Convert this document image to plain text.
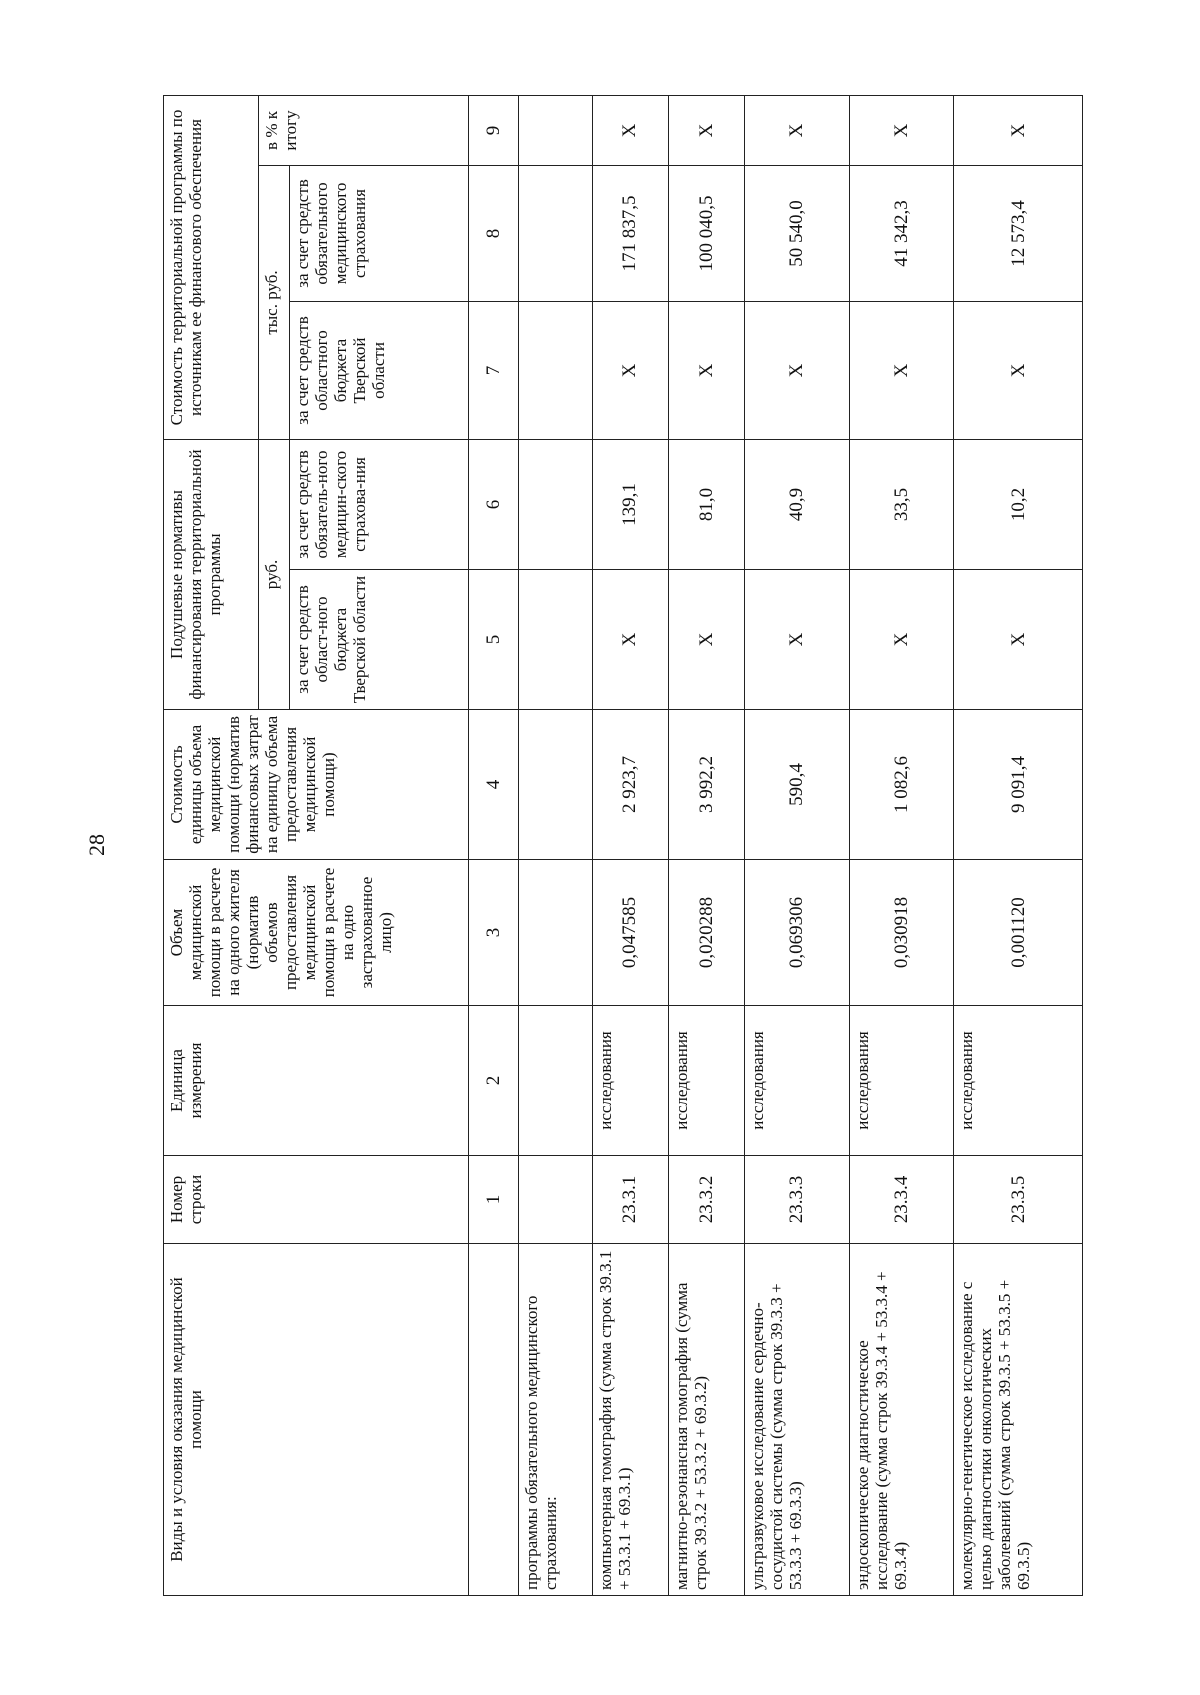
28
Виды и условия оказания медицинской помощи	Номер строки	Единица измерения	Объем медицинской помощи в расчете на одного жителя (норматив объемов предоставления медицинской помощи в расчете на одно застрахованное лицо)	Стоимость единицы объема медицинской помощи (норматив финансовых затрат на единицу объема предоставления медицинской помощи)	Подушевые нормативы финансирования территориальной программы		Стоимость территориальной программы по источникам ее финансового обеспечения		
					руб.		тыс. руб.		в % к итогу
					за счет средств област-ного бюджета Тверской области	за счет средств обязатель-ного медицин-ского страхова-ния	за счет средств областного бюджета Тверской области	за счет средств обязательного медицинского страхования	
	1	2	3	4	5	6	7	8	9
программы обязательного медицинского страхования:									
компьютерная томография (сумма строк 39.3.1 + 53.3.1 + 69.3.1)	23.3.1	исследования	0,047585	2 923,7	X	139,1	X	171 837,5	X
магнитно-резонансная томография (сумма строк 39.3.2 + 53.3.2 + 69.3.2)	23.3.2	исследования	0,020288	3 992,2	X	81,0	X	100 040,5	X
ультразвуковое исследование сердечно-сосудистой системы (сумма строк 39.3.3 + 53.3.3 + 69.3.3)	23.3.3	исследования	0,069306	590,4	X	40,9	X	50 540,0	X
эндоскопическое диагностическое исследование (сумма строк 39.3.4 + 53.3.4 + 69.3.4)	23.3.4	исследования	0,030918	1 082,6	X	33,5	X	41 342,3	X
молекулярно-генетическое исследование с целью диагностики онкологических заболеваний (сумма строк 39.3.5 + 53.3.5 + 69.3.5)	23.3.5	исследования	0,001120	9 091,4	X	10,2	X	12 573,4	X
